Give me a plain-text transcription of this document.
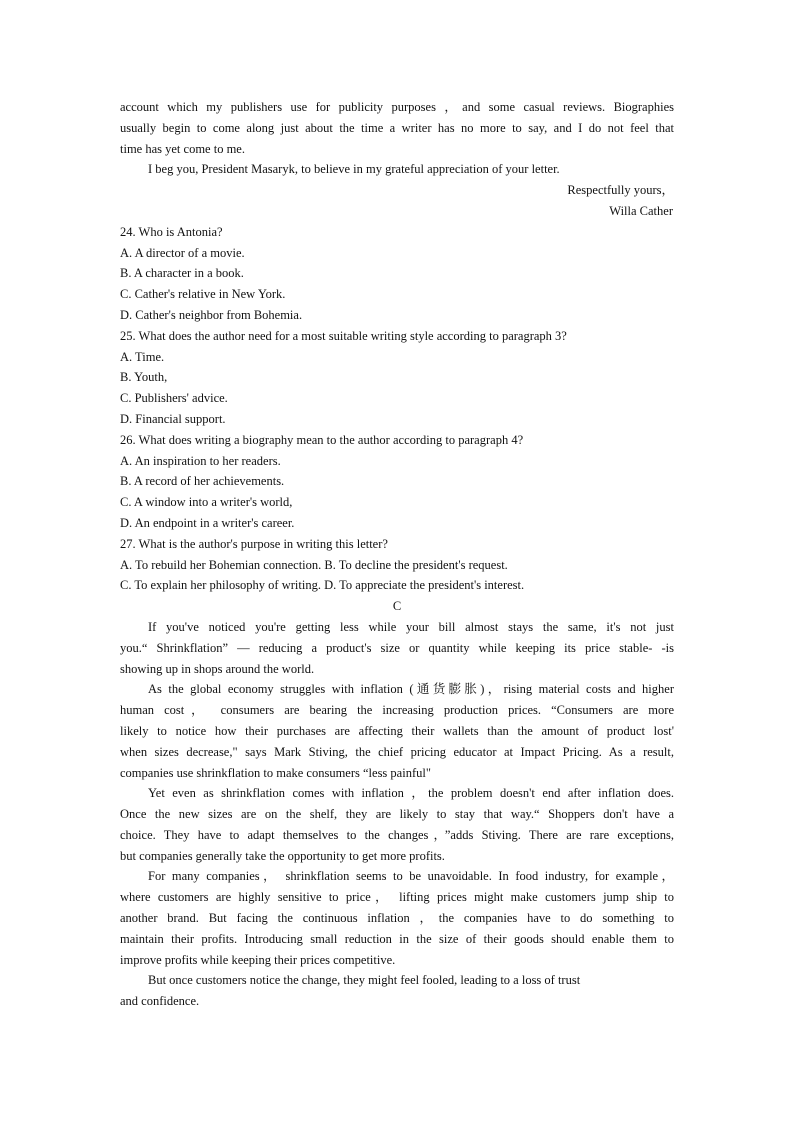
account which my publishers use for publicity purposes ，and some casual reviews. Biographies
usually begin to come along just about the time a writer has no more to say, and I do not feel that
time has yet come to me.
I beg you, President Masaryk, to believe in my grateful appreciation of your letter.
Respectfully yours，
Willa Cather
24. Who is Antonia?
A. A director of a movie.
B. A character in a book.
C. Cather's relative in New York.
D. Cather's neighbor from Bohemia.
25. What does the author need for a most suitable writing style according to paragraph 3?
A. Time.
B. Youth,
C. Publishers' advice.
D. Financial support.
26. What does writing a biography mean to the author according to paragraph 4?
A. An inspiration to her readers.
B. A record of her achievements.
C. A window into a writer's world,
D. An endpoint in a writer's career.
27. What is the author's purpose in writing this letter?
A. To rebuild her Bohemian connection. B. To decline the president's request.
C. To explain her philosophy of writing. D. To appreciate the president's interest.
C
If you've noticed you're getting less while your bill almost stays the same, it's not just
you.“ Shrinkflation” — reducing a product's size or quantity while keeping its price stable- -is
showing up in shops around the world.
As the global economy struggles with inflation (通货膨胀)，rising material costs and higher
human cost， consumers are bearing the increasing production prices. “Consumers are more
likely to notice how their purchases are affecting their wallets than the amount of product lost'
when sizes decrease," says Mark Stiving, the chief pricing educator at Impact Pricing. As a result,
companies use shrinkflation to make consumers “less painful"
Yet even as shrinkflation comes with inflation ，the problem doesn't end after inflation does.
Once the new sizes are on the shelf, they are likely to stay that way.“ Shoppers don't have a
choice. They have to adapt themselves to the changes，”adds Stiving. There are rare exceptions,
but companies generally take the opportunity to get more profits.
For many companies， shrinkflation seems to be unavoidable. In food industry, for example，
where customers are highly sensitive to price， lifting prices might make customers jump ship to
another brand. But facing the continuous inflation ，the companies have to do something to
maintain their profits. Introducing small reduction in the size of their goods should enable them to
improve profits while keeping their prices competitive.
But once customers notice the change, they might feel fooled, leading to a loss of trust
and confidence.
